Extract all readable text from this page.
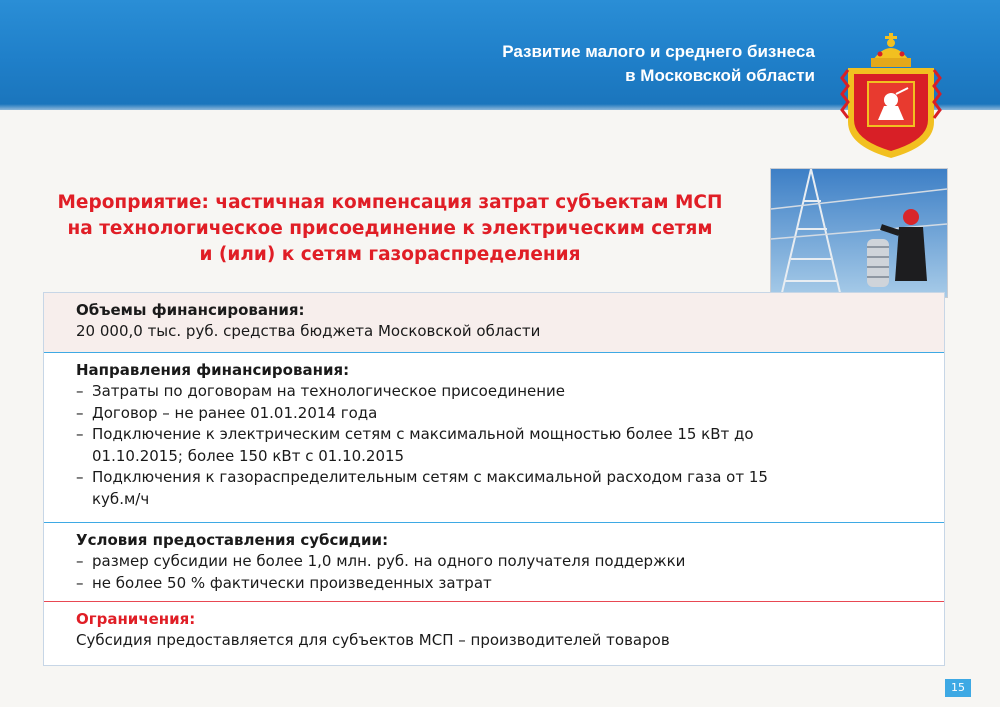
Развитие малого и среднего бизнеса
в Московской области
Мероприятие: частичная компенсация затрат субъектам МСП
на технологическое присоединение к электрическим сетям
и (или) к сетям газораспределения
Объемы финансирования:
20 000,0 тыс. руб. средства бюджета Московской области
Направления финансирования:
– Затраты по договорам на технологическое присоединение
– Договор – не ранее 01.01.2014 года
– Подключение к электрическим сетям с максимальной мощностью более 15 кВт до 01.10.2015; более 150 кВт с 01.10.2015
– Подключения к газораспределительным сетям с максимальной расходом газа от 15 куб.м/ч
Условия предоставления субсидии:
– размер субсидии не более 1,0 млн. руб. на одного получателя поддержки
– не более 50 % фактически произведенных затрат
Ограничения:
Субсидия предоставляется для субъектов МСП – производителей товаров
15
